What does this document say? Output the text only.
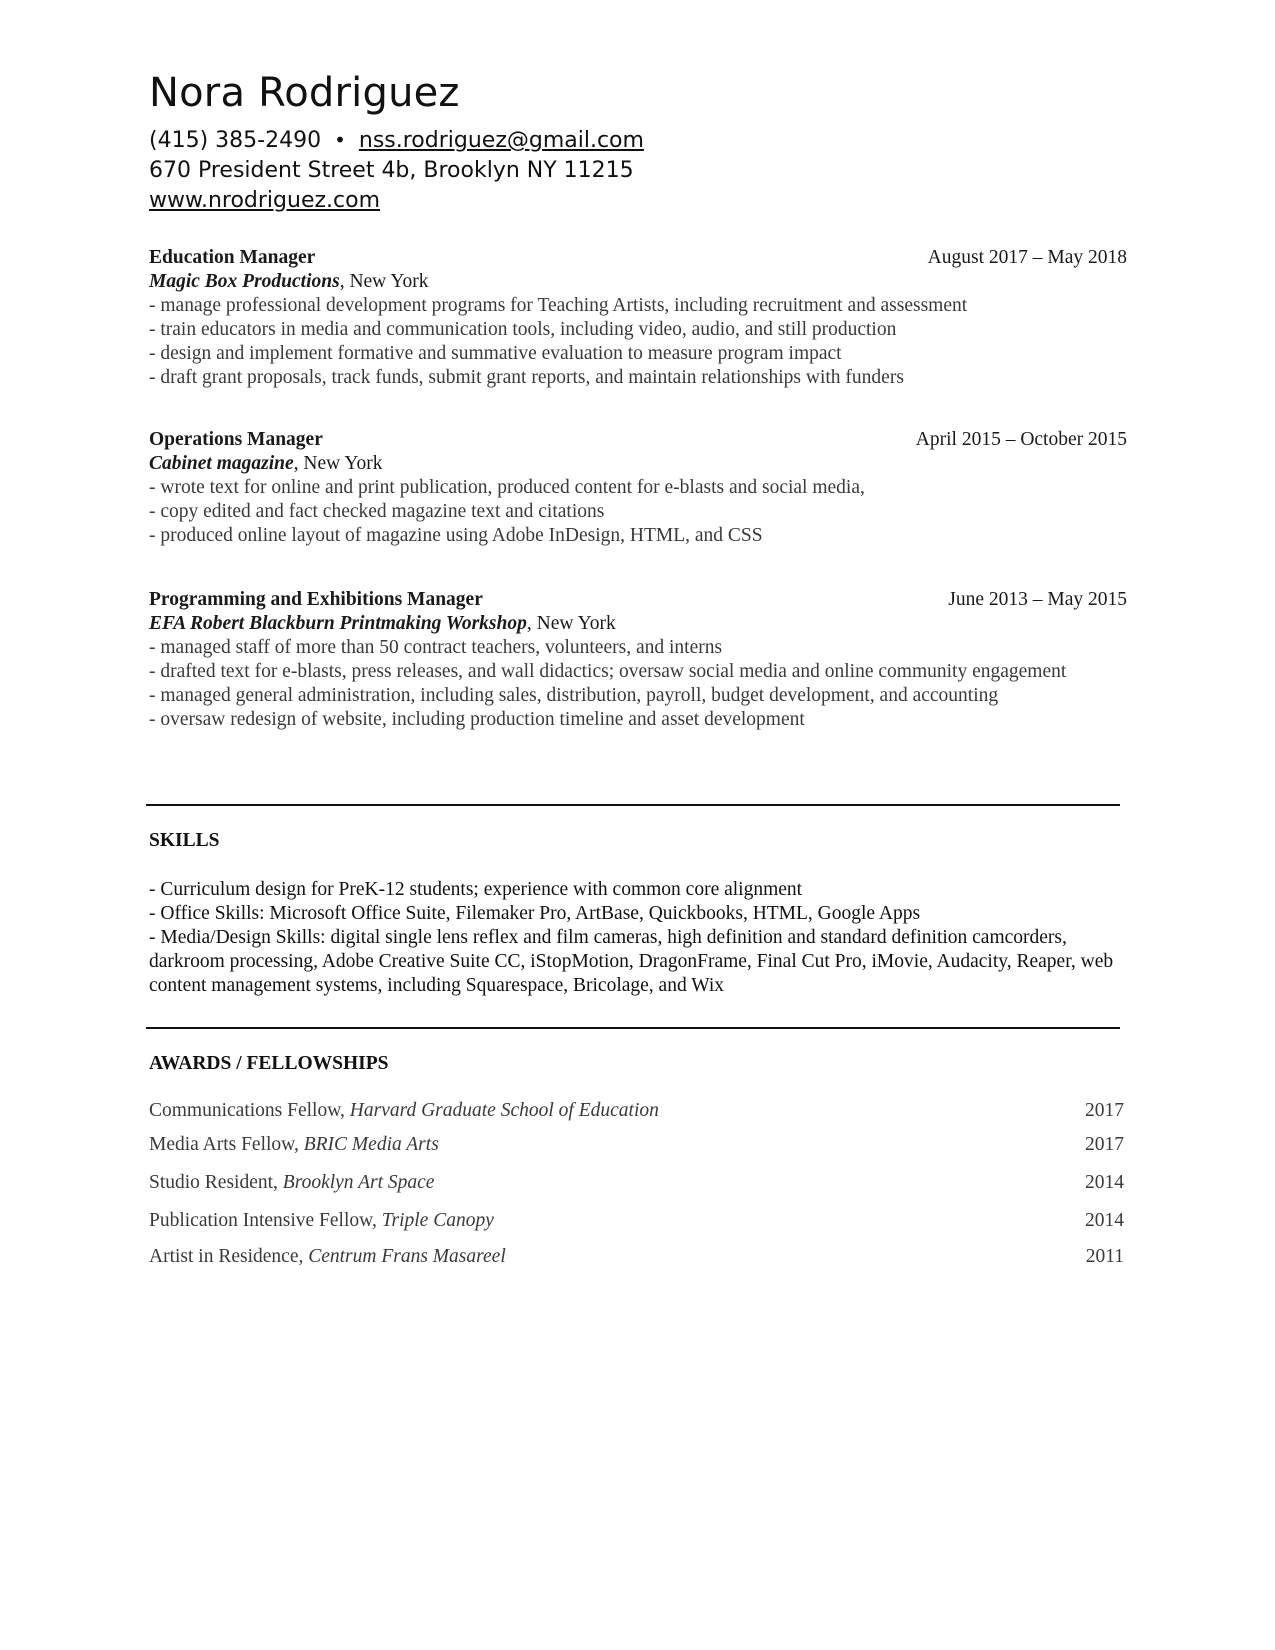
Nora Rodriguez
(415) 385-2490 • nss.rodriguez@gmail.com
670 President Street 4b, Brooklyn NY 11215
www.nrodriguez.com
Education Manager	August 2017 – May 2018
Magic Box Productions, New York
- manage professional development programs for Teaching Artists, including recruitment and assessment
- train educators in media and communication tools, including video, audio, and still production
- design and implement formative and summative evaluation to measure program impact
- draft grant proposals, track funds, submit grant reports, and maintain relationships with funders
Operations Manager	April 2015 – October 2015
Cabinet magazine, New York
- wrote text for online and print publication, produced content for e-blasts and social media,
- copy edited and fact checked magazine text and citations
- produced online layout of magazine using Adobe InDesign, HTML, and CSS
Programming and Exhibitions Manager	June 2013 – May 2015
EFA Robert Blackburn Printmaking Workshop, New York
- managed staff of more than 50 contract teachers, volunteers, and interns
- drafted text for e-blasts, press releases, and wall didactics; oversaw social media and online community engagement
- managed general administration, including sales, distribution, payroll, budget development, and accounting
- oversaw redesign of website, including production timeline and asset development
SKILLS
- Curriculum design for PreK-12 students; experience with common core alignment
- Office Skills: Microsoft Office Suite, Filemaker Pro, ArtBase, Quickbooks, HTML, Google Apps
- Media/Design Skills: digital single lens reflex and film cameras, high definition and standard definition camcorders, darkroom processing, Adobe Creative Suite CC, iStopMotion, DragonFrame, Final Cut Pro, iMovie, Audacity, Reaper, web content management systems, including Squarespace, Bricolage, and Wix
AWARDS / FELLOWSHIPS
Communications Fellow, Harvard Graduate School of Education	2017
Media Arts Fellow, BRIC Media Arts	2017
Studio Resident, Brooklyn Art Space	2014
Publication Intensive Fellow, Triple Canopy	2014
Artist in Residence, Centrum Frans Masareel	2011
